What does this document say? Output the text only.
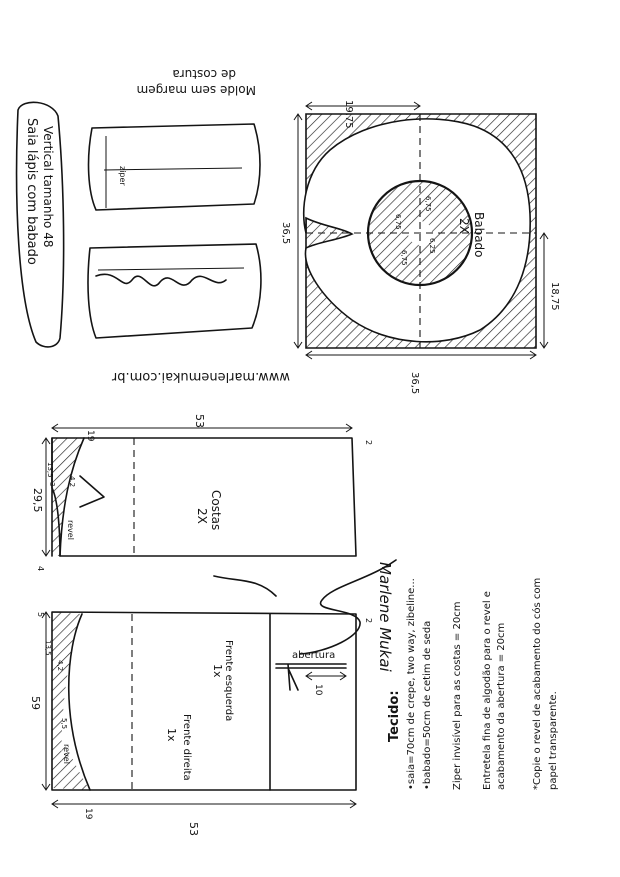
Babado
2X
36,5
36,5
19,75
18,75
6,75
6,75
6,25
6,75
Saia lápis com babado Vertical tamanho 48	ziper
Molde sem margem
de costura
www.marlenemukai.com.br
Costas
2X
29,5
53
19
13,5
3 4,2
revel
2
4	Marlene Mukai
Frente esquerda
1x
Frente direita
1x
59
53
19
13,5
4,2
5,5
revel
2
5
abertura
10
Tecido: •saia=70cm de crepe, two way, zibeline... •babado=50cm de cetim de seda Ziper invisível para as costas = 20cm Entretela fina de algodão para o revel e acabamento da abertura = 20cm	*Copie o revel de acabamento do cós com papel transparente.
